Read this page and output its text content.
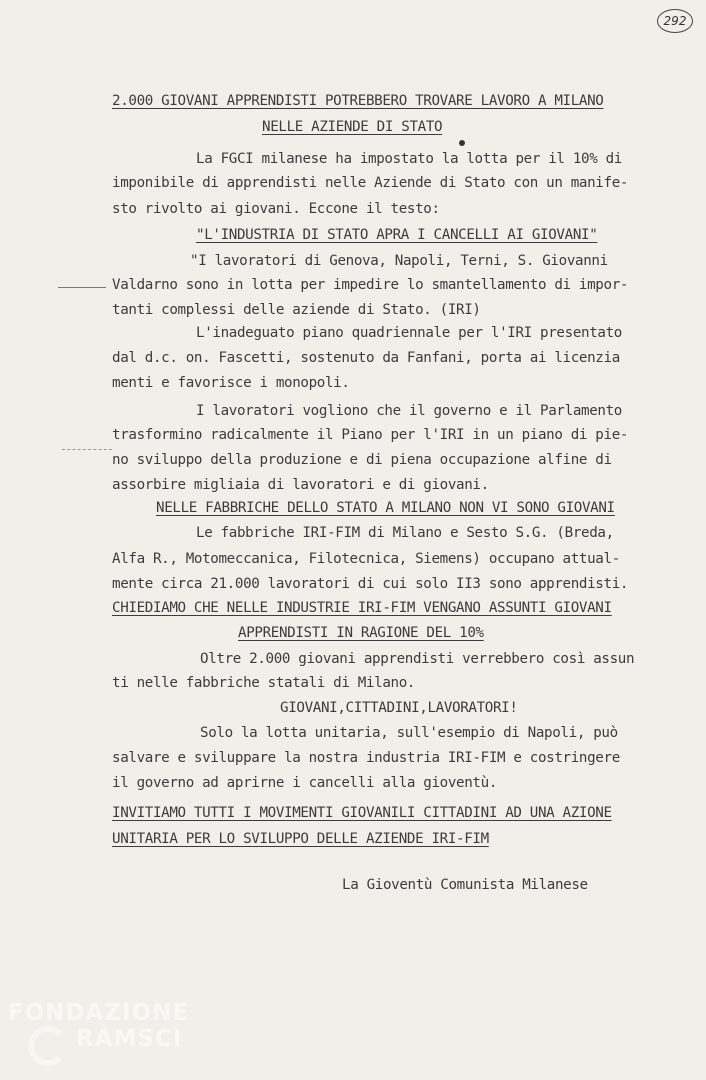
292
2.000 GIOVANI APPRENDISTI POTREBBERO TROVARE LAVORO A MILANO
NELLE AZIENDE DI STATO
La FGCI milanese ha impostato la lotta per il 10% di
imponibile di apprendisti nelle Aziende di Stato con un manife-
sto rivolto ai giovani. Eccone il testo:
"L'INDUSTRIA DI STATO APRA I CANCELLI AI GIOVANI"
"I lavoratori di Genova, Napoli, Terni, S. Giovanni
Valdarno sono in lotta per impedire lo smantellamento di impor-
tanti complessi delle aziende di Stato. (IRI)
L'inadeguato piano quadriennale per l'IRI presentato
dal d.c. on. Fascetti, sostenuto da Fanfani, porta ai licenzia
menti e favorisce i monopoli.
I lavoratori vogliono che il governo e il Parlamento
trasformino radicalmente il Piano per l'IRI in un piano di pie-
no sviluppo della produzione e di piena occupazione alfine di
assorbire migliaia di lavoratori e di giovani.
NELLE FABBRICHE DELLO STATO A MILANO NON VI SONO GIOVANI
Le fabbriche IRI-FIM di Milano e Sesto S.G. (Breda,
Alfa R., Motomeccanica, Filotecnica, Siemens) occupano attual-
mente circa 21.000 lavoratori di cui solo II3 sono apprendisti.
CHIEDIAMO CHE NELLE INDUSTRIE IRI-FIM VENGANO ASSUNTI GIOVANI
APPRENDISTI IN RAGIONE DEL 10%
Oltre 2.000 giovani apprendisti verrebbero così assun
ti nelle fabbriche statali di Milano.
GIOVANI,CITTADINI,LAVORATORI!
Solo la lotta unitaria, sull'esempio di Napoli, può
salvare e sviluppare la nostra industria IRI-FIM e costringere
il governo ad aprirne i cancelli alla gioventù.
INVITIAMO TUTTI I MOVIMENTI GIOVANILI CITTADINI AD UNA AZIONE
UNITARIA PER LO SVILUPPO DELLE AZIENDE IRI-FIM
La Gioventù Comunista Milanese
FONDAZIONE
RAMSCI
